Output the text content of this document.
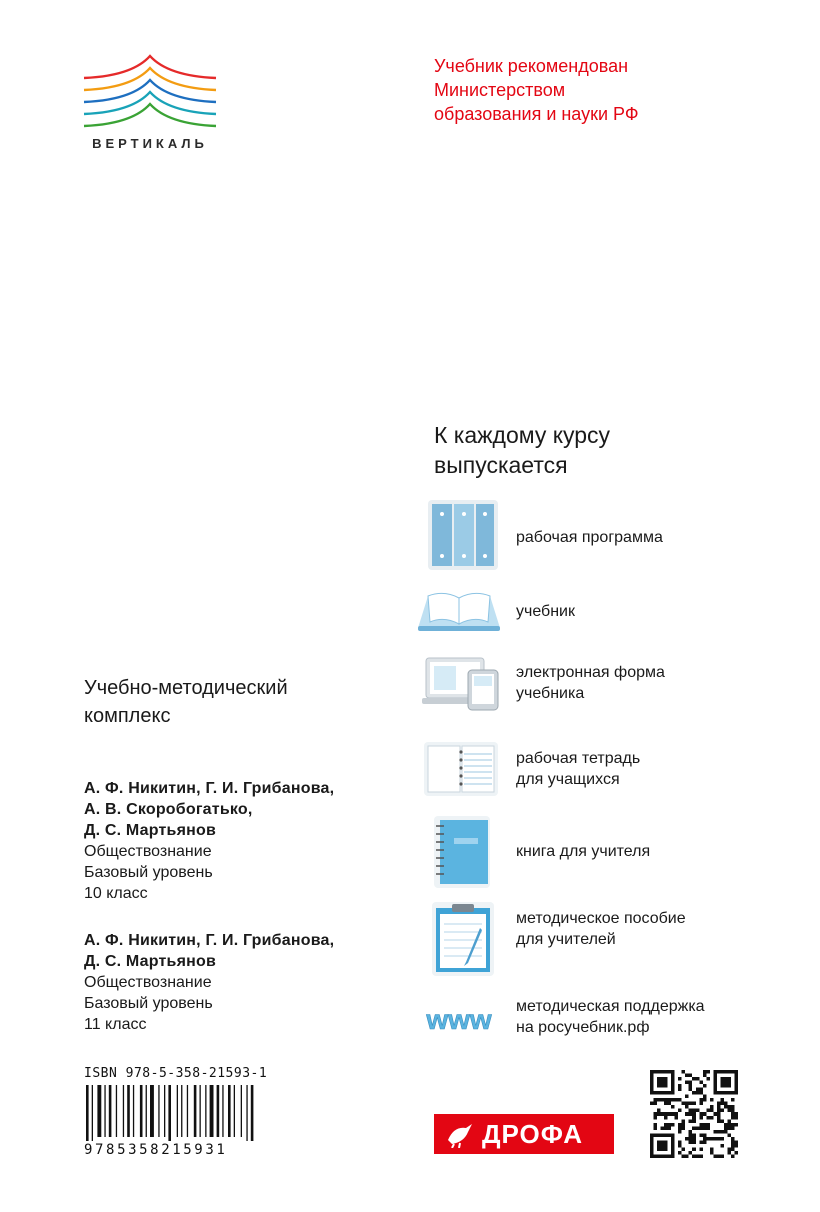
ВЕРТИКАЛЬ
Учебник рекомендован
Министерством
образования и науки РФ
К каждому курсу
выпускается
рабочая программа
учебник
электронная форма
учебника
рабочая тетрадь
для учащихся
книга для учителя
методическое пособие
для учителей
www методическая поддержка
на росучебник.рф
Учебно-методический
комплекс
А. Ф. Никитин, Г. И. Грибанова,
А. В. Скоробогатько,
Д. С. Мартьянов
Обществознание
Базовый уровень
10 класс
А. Ф. Никитин, Г. И. Грибанова,
Д. С. Мартьянов
Обществознание
Базовый уровень
11 класс
ISBN 978-5-358-21593-1
9785358215931
ДРОФА
